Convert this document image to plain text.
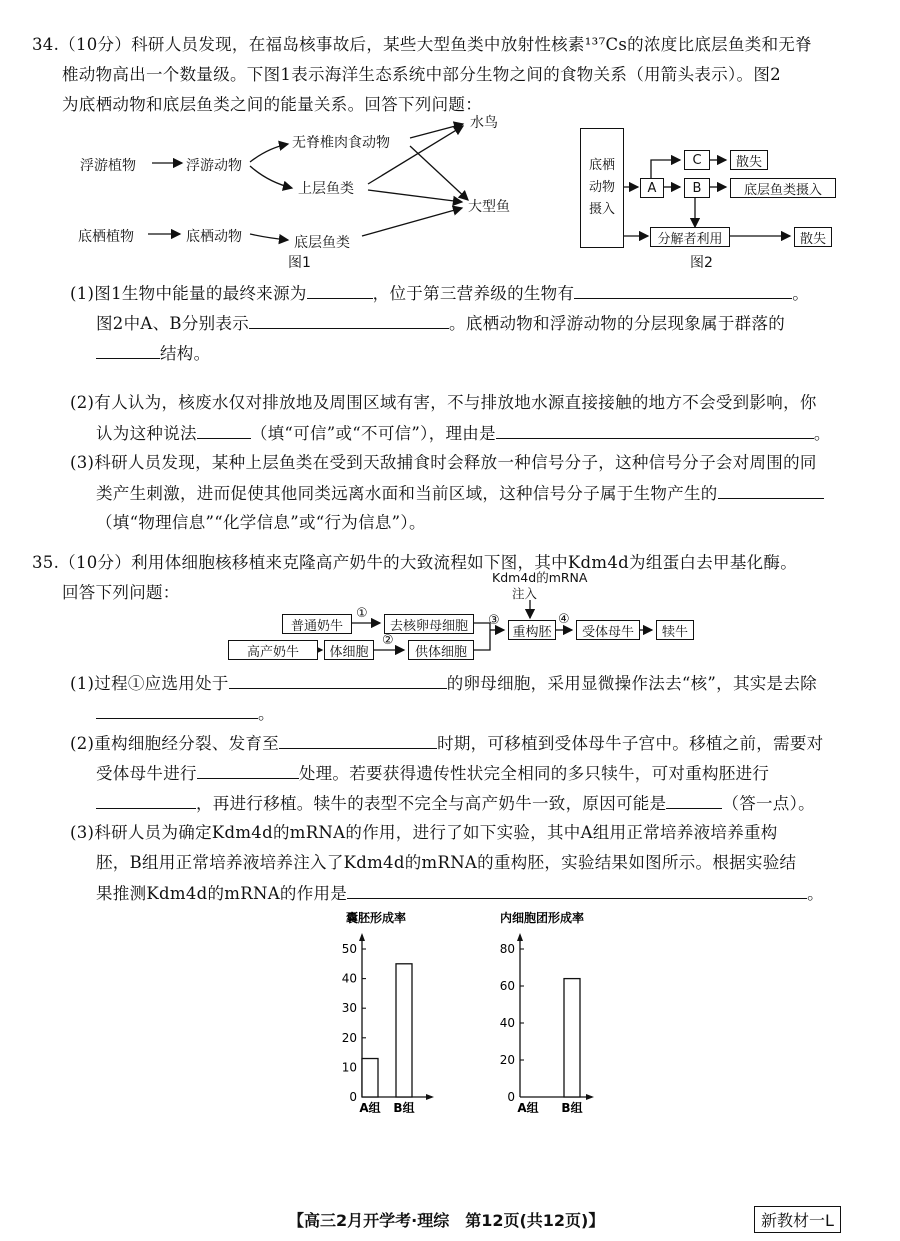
34.（10分）科研人员发现，在福岛核事故后，某些大型鱼类中放射性核素¹³⁷Cs的浓度比底层鱼类和无脊
椎动物高出一个数量级。下图1表示海洋生态系统中部分生物之间的食物关系（用箭头表示）。图2
为底栖动物和底层鱼类之间的能量关系。回答下列问题：
浮游植物	浮游动物
无脊椎肉食动物
水鸟
上层鱼类
大型鱼
底栖植物	底栖动物	底层鱼类
图1
底栖动物摄入
A
C
B
散失
底层鱼类摄入
分解者利用	散失
图2
(1)图1生物中能量的最终来源为	，位于第三营养级的生物有	。
图2中A、B分别表示	。底栖动物和浮游动物的分层现象属于群落的
结构。
(2)有人认为，核废水仅对排放地及周围区域有害，不与排放地水源直接接触的地方不会受到影响，你
认为这种说法	（填“可信”或“不可信”），理由是	。
(3)科研人员发现，某种上层鱼类在受到天敌捕食时会释放一种信号分子，这种信号分子会对周围的同
类产生刺激，进而促使其他同类远离水面和当前区域，这种信号分子属于生物产生的
（填“物理信息”“化学信息”或“行为信息”）。
35.（10分）利用体细胞核移植来克隆高产奶牛的大致流程如下图，其中Kdm4d为组蛋白去甲基化酶。
回答下列问题：
普通奶牛	去核卵母细胞
高产奶牛	体细胞	供体细胞
重构胚	受体母牛	犊牛
Kdm4d的mRNA
注入
①
②
③	④
(1)过程①应选用处于	的卵母细胞，采用显微操作法去“核”，其实是去除
。
(2)重构细胞经分裂、发育至	时期，可移植到受体母牛子宫中。移植之前，需要对
受体母牛进行	处理。若要获得遗传性状完全相同的多只犊牛，可对重构胚进行
，再进行移植。犊牛的表型不完全与高产奶牛一致，原因可能是	（答一点）。
(3)科研人员为确定Kdm4d的mRNA的作用，进行了如下实验，其中A组用正常培养液培养重构
胚，B组用正常培养液培养注入了Kdm4d的mRNA的重构胚，实验结果如图所示。根据实验结
果推测Kdm4d的mRNA的作用是	。
囊胚形成率
0
10
20
30
40
50
A组 B组
内细胞团形成率
0
20
40
60
80
A组 B组
【高三2月开学考·理综　第12页(共12页)】	新教材一L
